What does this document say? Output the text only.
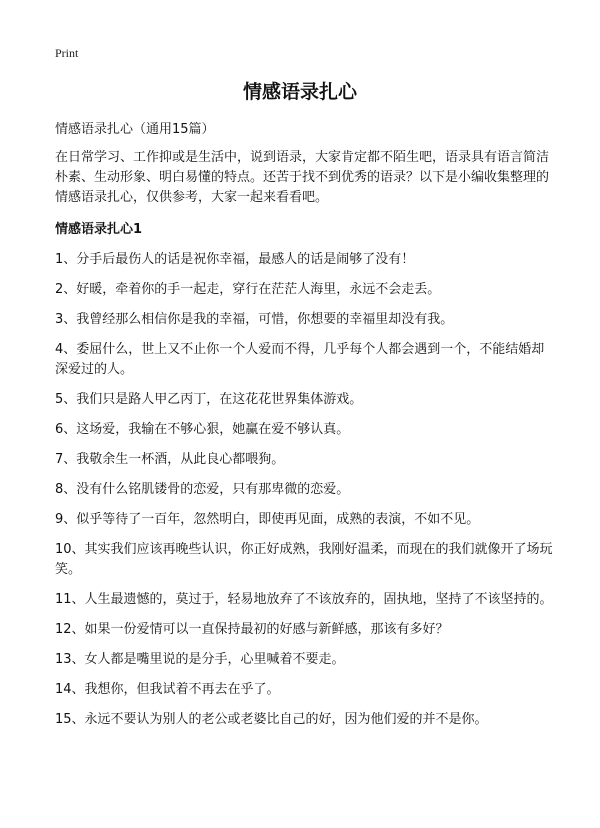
Print
情感语录扎心

情感语录扎心（通用15篇）

在日常学习、工作抑或是生活中，说到语录，大家肯定都不陌生吧，语录具有语言简洁朴素、生动形象、明白易懂的特点。还苦于找不到优秀的语录？以下是小编收集整理的情感语录扎心，仅供参考，大家一起来看看吧。

情感语录扎心1

1、分手后最伤人的话是祝你幸福，最感人的话是闹够了没有！
2、好暖，牵着你的手一起走，穿行在茫茫人海里，永远不会走丢。
3、我曾经那么相信你是我的幸福，可惜，你想要的幸福里却没有我。
4、委屈什么，世上又不止你一个人爱而不得，几乎每个人都会遇到一个，不能结婚却深爱过的人。
5、我们只是路人甲乙丙丁，在这花花世界集体游戏。
6、这场爱，我输在不够心狠，她赢在爱不够认真。
7、我敬余生一杯酒，从此良心都喂狗。
8、没有什么铭肌镂骨的恋爱，只有那卑微的恋爱。
9、似乎等待了一百年，忽然明白，即使再见面，成熟的表演，不如不见。
10、其实我们应该再晚些认识，你正好成熟，我刚好温柔，而现在的我们就像开了场玩笑。
11、人生最遗憾的，莫过于，轻易地放弃了不该放弃的，固执地，坚持了不该坚持的。
12、如果一份爱情可以一直保持最初的好感与新鲜感，那该有多好？
13、女人都是嘴里说的是分手，心里喊着不要走。
14、我想你，但我试着不再去在乎了。
15、永远不要认为别人的老公或老婆比自己的好，因为他们爱的并不是你。
